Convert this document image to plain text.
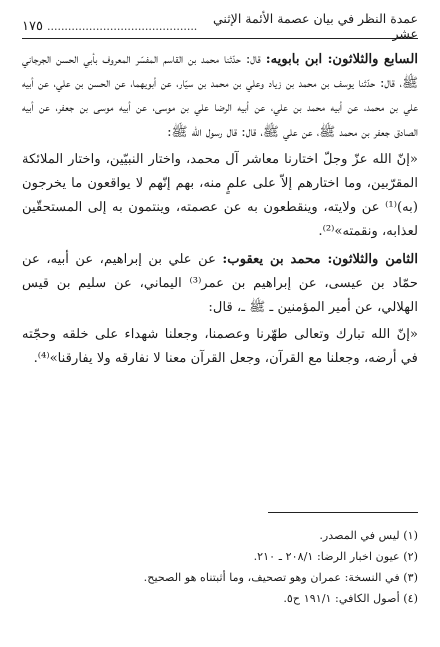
عمدة النظر في بيان عصمة الأئمة الإثني عشر
...........................................
١٧٥

السابع والثلاثون: ابن بابويه: قال: حدّثنا محمد بن القاسم المفسّر المعروف بأبي الحسن الجرجاني ﷺ، قال: حدّثنا يوسف بن محمد بن زياد وعلي بن محمد بن سيّار، عن أبويهما، عن الحسن بن علي، عن أبيه علي بن محمد، عن أبيه محمد بن علي، عن أبيه الرضا علي بن موسى، عن أبيه موسى بن جعفر، عن أبيه الصادق جعفر بن محمد ﷺ، عن علي ﷺ، قال: قال رسول الله ﷺ:

«إنّ الله عزّ وجلّ اختارنا معاشر آل محمد، واختار النبيّين، واختار الملائكة المقرّبين، وما اختارهم إلاّ على علمٍ منه، بهم إنّهم لا يواقعون ما يخرجون (به)⁽¹⁾ عن ولايته، وينقطعون به عن عصمته، وينتمون به إلى المستحقّين لعذابه، ونقمته»⁽²⁾.

الثامن والثلاثون: محمد بن يعقوب: عن علي بن إبراهيم، عن أبيه، عن حمّاد بن عيسى، عن إبراهيم بن عمر⁽³⁾ اليماني، عن سليم بن قيس الهلالي، عن أمير المؤمنين ـ ﷺ ـ، قال:

«إنّ الله تبارك وتعالى طهّرنا وعصمنا، وجعلنا شهداء على خلقه وحجّته في أرضه، وجعلنا مع القرآن، وجعل القرآن معنا لا نفارقه ولا يفارقنا»⁽⁴⁾.

(١) ليس في المصدر.
(٢) عيون اخبار الرضا: ٢٠٨/١ ـ ٢١٠.
(٣) في النسخة: عمران وهو تصحيف، وما أثبتناه هو الصحيح.
(٤) أصول الكافي: ١٩١/١ ح٥.
